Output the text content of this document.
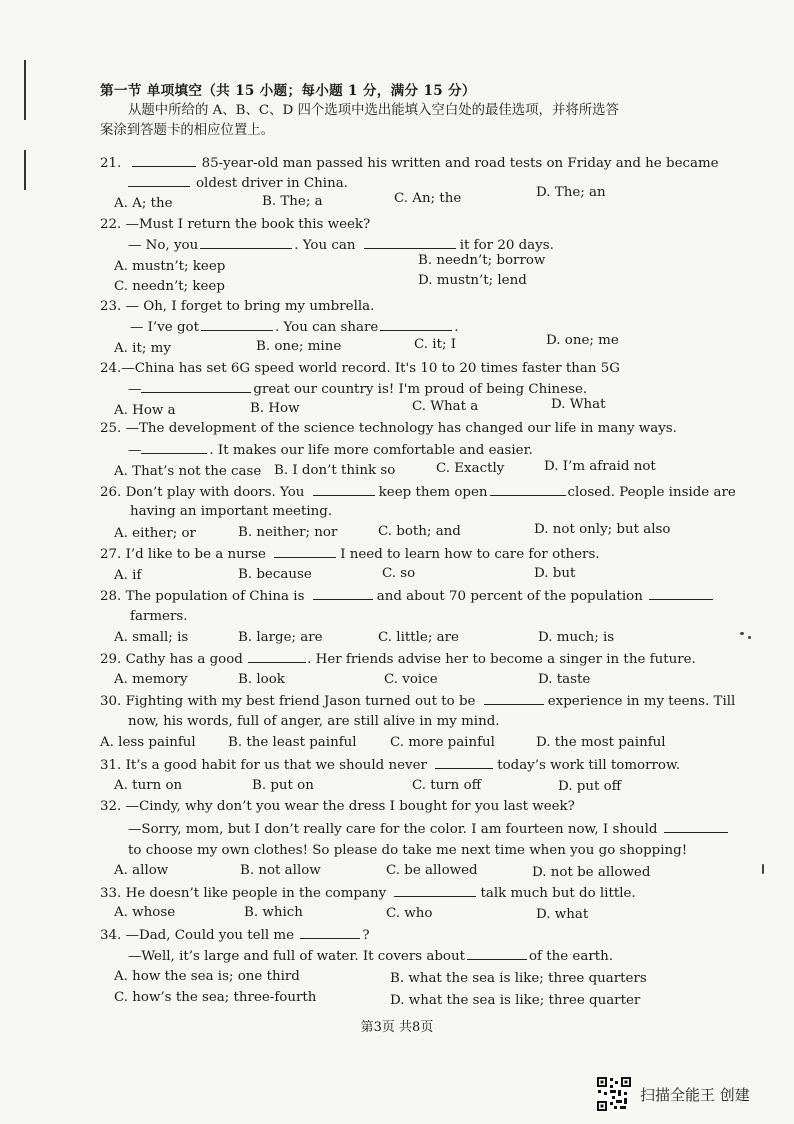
第一节 单项填空（共 15 小题；每小题 1 分，满分 15 分）
从题中所给的 A、B、C、D 四个选项中选出能填入空白处的最佳选项，并将所选答
案涂到答题卡的相应位置上。
21.	85-year-old man passed his written and road tests on Friday and he became
oldest driver in China.
A. A; the	B. The; a	C. An; the	D. The; an
22. —Must I return the book this week?
— No, you	. You can	it for 20 days.
A. mustn’t; keep	B. needn’t; borrow
C. needn’t; keep	D. mustn’t; lend
23. — Oh, I forget to bring my umbrella.
— I’ve got	. You can share	.
A. it; my	B. one; mine	C. it; I	D. one; me
24.—China has set 6G speed world record. It's 10 to 20 times faster than 5G
—	great our country is! I'm proud of being Chinese.
A. How a	B. How	C. What a	D. What
25. —The development of the science technology has changed our life in many ways.
—	. It makes our life more comfortable and easier.
A. That’s not the case B. I don’t think so	C. Exactly	D. I’m afraid not
26. Don’t play with doors. You	keep them open	closed. People inside are
having an important meeting.
A. either; or	B. neither; nor	C. both; and	D. not only; but also
27. I’d like to be a nurse	I need to learn how to care for others.
A. if	B. because	C. so	D. but
28. The population of China is	and about 70 percent of the population
farmers.
A. small; is	B. large; are	C. little; are	D. much; is
29. Cathy has a good	. Her friends advise her to become a singer in the future.
A. memory	B. look	C. voice	D. taste
30. Fighting with my best friend Jason turned out to be	experience in my teens. Till
now, his words, full of anger, are still alive in my mind.
A. less painful B. the least painful C. more painful	D. the most painful
31. It’s a good habit for us that we should never	today’s work till tomorrow.
A. turn on	B. put on	C. turn off	D. put off
32. —Cindy, why don’t you wear the dress I bought for you last week?
—Sorry, mom, but I don’t really care for the color. I am fourteen now, I should
to choose my own clothes! So please do take me next time when you go shopping!
A. allow	B. not allow	C. be allowed	D. not be allowed
33. He doesn’t like people in the company	talk much but do little.
A. whose	B. which	C. who	D. what
34. —Dad, Could you tell me	?
—Well, it’s large and full of water. It covers about	of the earth.
A. how the sea is; one third	B. what the sea is like; three quarters
C. how’s the sea; three-fourth	D. what the sea is like; three quarter
第3页 共8页
扫描全能王 创建
